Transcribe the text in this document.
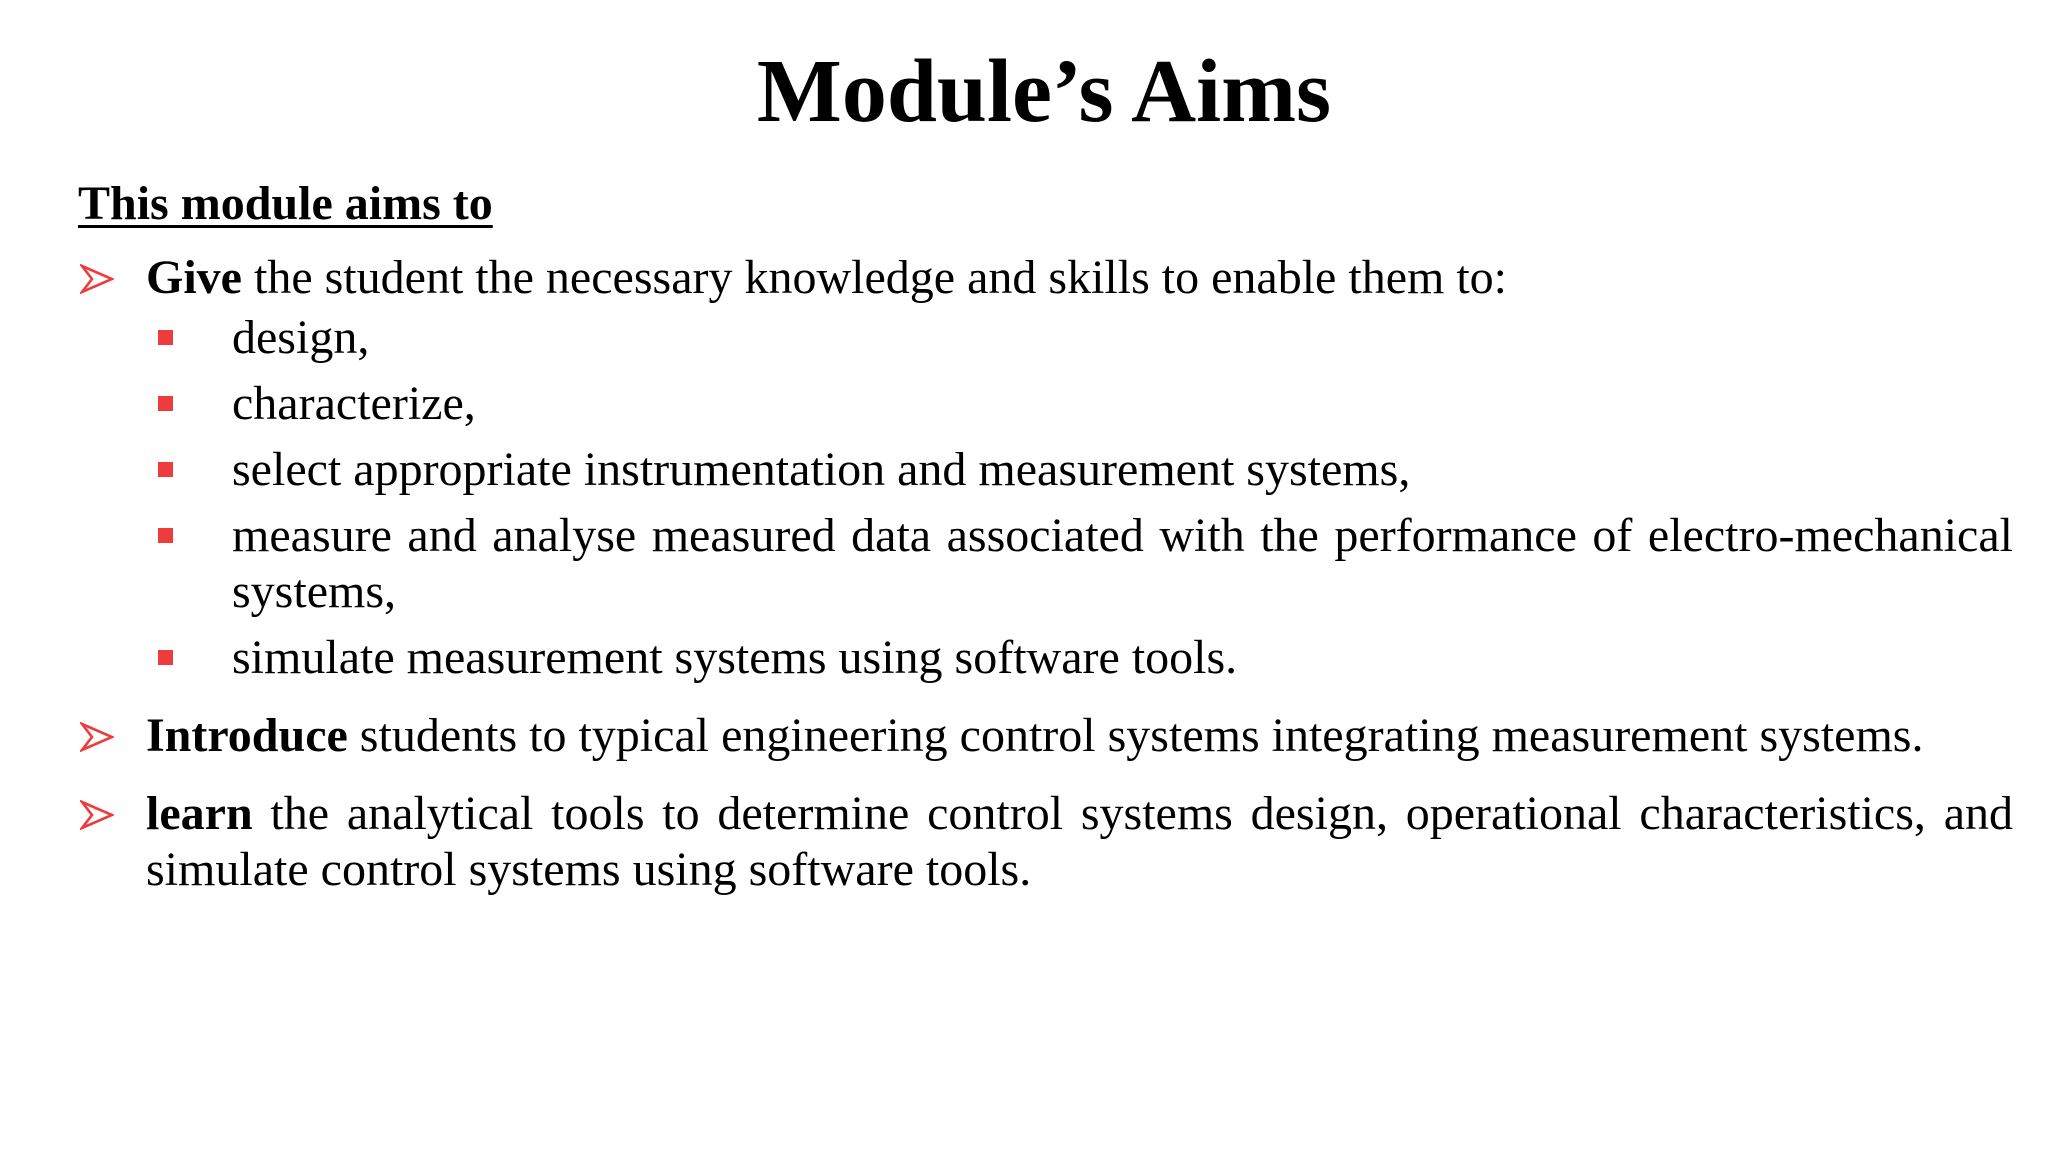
Module’s Aims

This module aims to

Give the student the necessary knowledge and skills to enable them to:
design,
characterize,
select appropriate instrumentation and measurement systems,
measure and analyse measured data associated with the performance of electro-mechanical systems,
simulate measurement systems using software tools.
Introduce students to typical engineering control systems integrating measurement systems.
learn the analytical tools to determine control systems design, operational characteristics, and simulate control systems using software tools.
